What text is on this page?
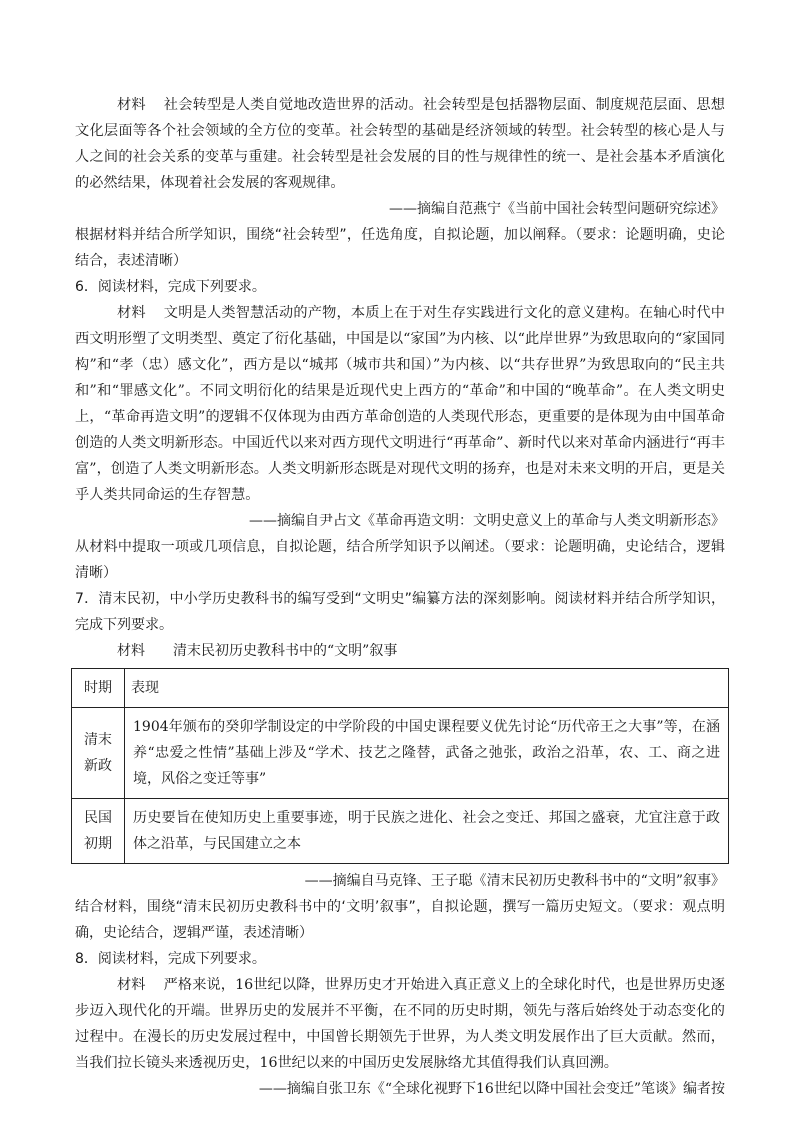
材料 社会转型是人类自觉地改造世界的活动。社会转型是包括器物层面、制度规范层面、思想文化层面等各个社会领域的全方位的变革。社会转型的基础是经济领域的转型。社会转型的核心是人与人之间的社会关系的变革与重建。社会转型是社会发展的目的性与规律性的统一、是社会基本矛盾演化的必然结果，体现着社会发展的客观规律。

——摘编自范燕宁《当前中国社会转型问题研究综述》

根据材料并结合所学知识，围绕“社会转型”，任选角度，自拟论题，加以阐释。（要求：论题明确，史论结合，表述清晰）

6．阅读材料，完成下列要求。

材料 文明是人类智慧活动的产物，本质上在于对生存实践进行文化的意义建构。在轴心时代中西文明形塑了文明类型、奠定了衍化基础，中国是以“家国”为内核、以“此岸世界”为致思取向的“家国同构”和“孝（忠）感文化”，西方是以“城邦（城市共和国）”为内核、以“共存世界”为致思取向的“民主共和”和“罪感文化”。不同文明衍化的结果是近现代史上西方的“革命”和中国的“晚革命”。在人类文明史上，“革命再造文明”的逻辑不仅体现为由西方革命创造的人类现代形态，更重要的是体现为由中国革命创造的人类文明新形态。中国近代以来对西方现代文明进行“再革命”、新时代以来对革命内涵进行“再丰富”，创造了人类文明新形态。人类文明新形态既是对现代文明的扬弃，也是对未来文明的开启，更是关乎人类共同命运的生存智慧。

——摘编自尹占文《革命再造文明：文明史意义上的革命与人类文明新形态》

从材料中提取一项或几项信息，自拟论题，结合所学知识予以阐述。（要求：论题明确，史论结合，逻辑清晰）

7．清末民初，中小学历史教科书的编写受到“文明史”编纂方法的深刻影响。阅读材料并结合所学知识，完成下列要求。

材料　　清末民初历史教科书中的“文明”叙事

时期	表现
清末新政	1904年颁布的癸卯学制设定的中学阶段的中国史课程要义优先讨论“历代帝王之大事”等，在涵养“忠爱之性情”基础上涉及“学术、技艺之隆替，武备之弛张，政治之沿革，农、工、商之进境，风俗之变迁等事”
民国初期	历史要旨在使知历史上重要事迹，明于民族之进化、社会之变迁、邦国之盛衰，尤宜注意于政体之沿革，与民国建立之本

——摘编自马克锋、王子聪《清末民初历史教科书中的“文明”叙事》

结合材料，围绕“清末民初历史教科书中的‘文明’叙事”，自拟论题，撰写一篇历史短文。（要求：观点明确，史论结合，逻辑严谨，表述清晰）

8．阅读材料，完成下列要求。

材料 严格来说，16世纪以降，世界历史才开始进入真正意义上的全球化时代，也是世界历史逐步迈入现代化的开端。世界历史的发展并不平衡，在不同的历史时期，领先与落后始终处于动态变化的过程中。在漫长的历史发展过程中，中国曾长期领先于世界，为人类文明发展作出了巨大贡献。然而，当我们拉长镜头来透视历史，16世纪以来的中国历史发展脉络尤其值得我们认真回溯。

——摘编自张卫东《“全球化视野下16世纪以降中国社会变迁”笔谈》编者按
